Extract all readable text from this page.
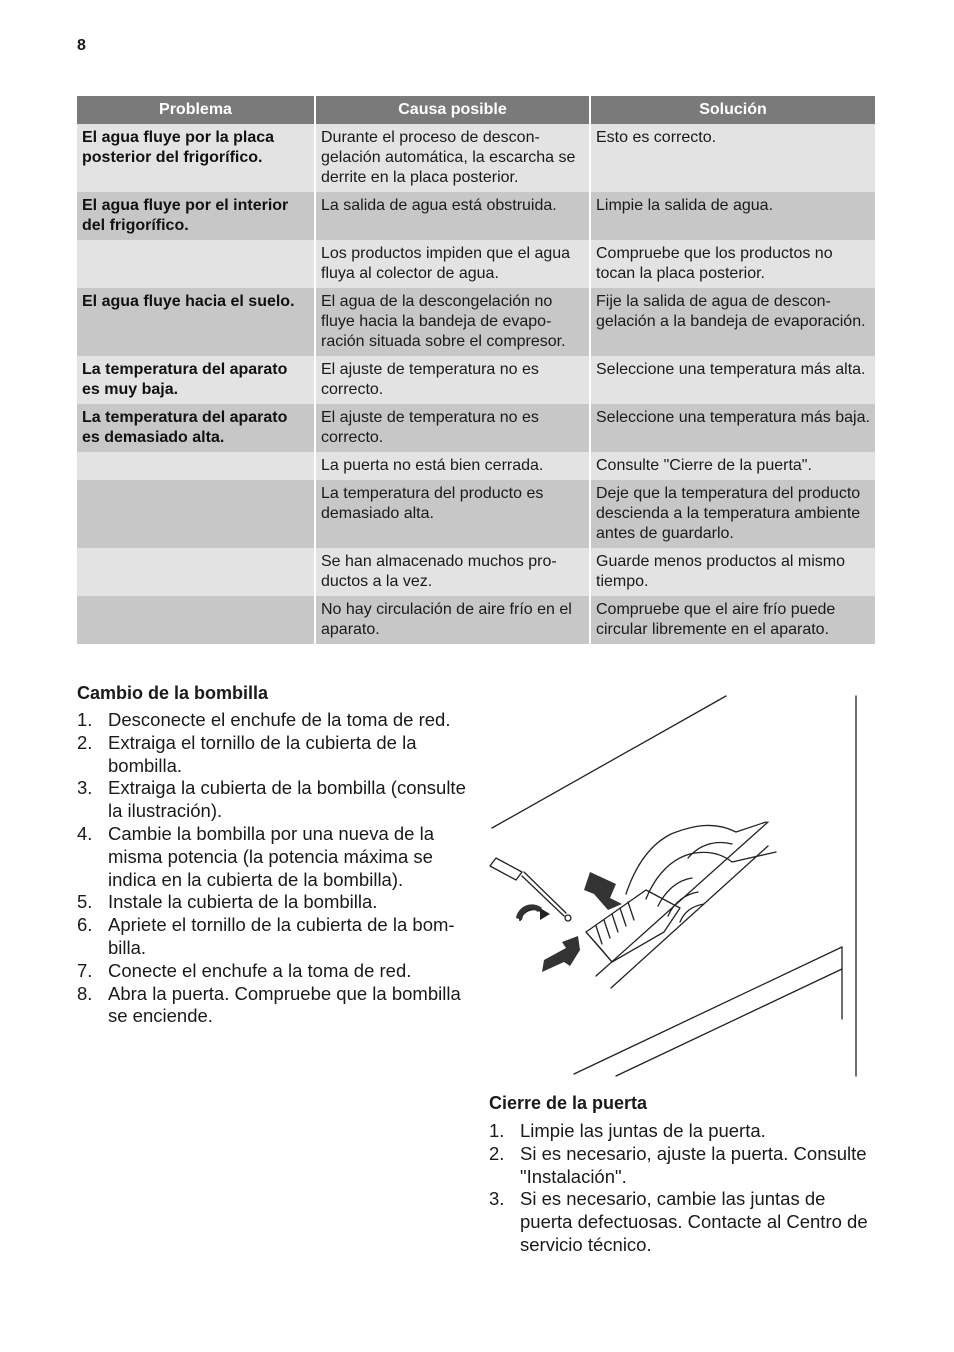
8
Problema	Causa posible	Solución
El agua fluye por la placa posterior del frigorífico.	Durante el proceso de descongelación automática, la escarcha se derrite en la placa posterior.	Esto es correcto.
El agua fluye por el interior del frigorífico.	La salida de agua está obstruida.	Limpie la salida de agua.
	Los productos impiden que el agua fluya al colector de agua.	Compruebe que los productos no tocan la placa posterior.
El agua fluye hacia el suelo.	El agua de la descongelación no fluye hacia la bandeja de evaporación situada sobre el compresor.	Fije la salida de agua de descongelación a la bandeja de evaporación.
La temperatura del aparato es muy baja.	El ajuste de temperatura no es correcto.	Seleccione una temperatura más alta.
La temperatura del aparato es demasiado alta.	El ajuste de temperatura no es correcto.	Seleccione una temperatura más baja.
	La puerta no está bien cerrada.	Consulte "Cierre de la puerta".
	La temperatura del producto es demasiado alta.	Deje que la temperatura del producto descienda a la temperatura ambiente antes de guardarlo.
	Se han almacenado muchos productos a la vez.	Guarde menos productos al mismo tiempo.
	No hay circulación de aire frío en el aparato.	Compruebe que el aire frío puede circular libremente en el aparato.
Cambio de la bombilla
1. Desconecte el enchufe de la toma de red.
2. Extraiga el tornillo de la cubierta de la bombilla.
3. Extraiga la cubierta de la bombilla (consulte la ilustración).
4. Cambie la bombilla por una nueva de la misma potencia (la potencia máxima se indica en la cubierta de la bombilla).
5. Instale la cubierta de la bombilla.
6. Apriete el tornillo de la cubierta de la bombilla.
7. Conecte el enchufe a la toma de red.
8. Abra la puerta. Compruebe que la bombilla se enciende.
Cierre de la puerta
1. Limpie las juntas de la puerta.
2. Si es necesario, ajuste la puerta. Consulte "Instalación".
3. Si es necesario, cambie las juntas de puerta defectuosas. Contacte al Centro de servicio técnico.
